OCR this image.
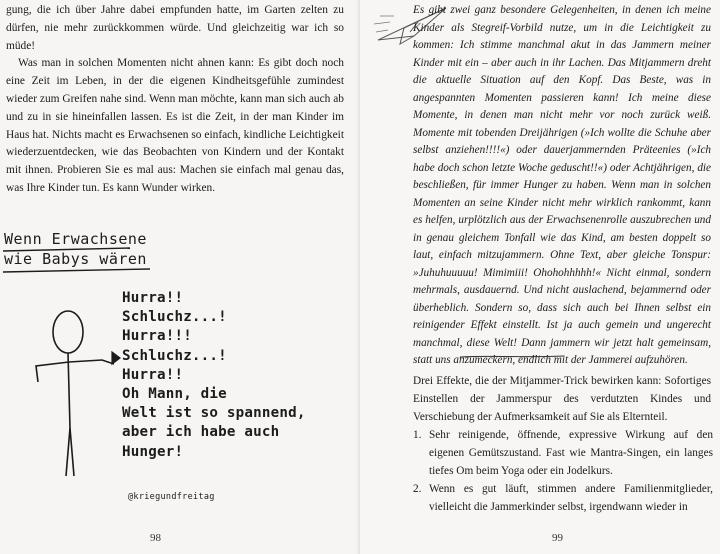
gung, die ich über Jahre dabei empfunden hatte, im Garten zelten zu dürfen, nie mehr zurückkommen würde. Und gleichzeitig war ich so müde!

Was man in solchen Momenten nicht ahnen kann: Es gibt doch noch eine Zeit im Leben, in der die eigenen Kindheitsgefühle zumindest wieder zum Greifen nahe sind. Wenn man möchte, kann man sich auch ab und zu in sie hineinfallen lassen. Es ist die Zeit, in der man Kinder im Haus hat. Nichts macht es Erwachsenen so einfach, kindliche Leichtigkeit wiederzuentdecken, wie das Beobachten von Kindern und der Kontakt mit ihnen. Probieren Sie es mal aus: Machen sie einfach mal genau das, was Ihre Kinder tun. Es kann Wunder wirken.

Wenn Erwachsene
wie Babys wären
Hurra!!
Schluchz...!
Hurra!!!
Schluchz...!
Hurra!!
Oh Mann, die
Welt ist so spannend,
aber ich habe auch
Hunger!
@kriegundfreitag
98
Es gibt zwei ganz besondere Gelegenheiten, in denen ich meine Kinder als Stegreif-Vorbild nutze, um in die Leichtigkeit zu kommen: Ich stimme manchmal akut in das Jammern meiner Kinder mit ein – aber auch in ihr Lachen. Das Mitjammern dreht die aktuelle Situation auf den Kopf. Das Beste, was in angespannten Momenten passieren kann! Ich meine diese Momente, in denen man nicht mehr vor noch zurück weiß. Momente mit tobenden Dreijährigen (»Ich wollte die Schuhe aber selbst anziehen!!!!«) oder dauerjammernden Präteenies (»Ich habe doch schon letzte Woche geduscht!!«) oder Achtjährigen, die beschließen, für immer Hunger zu haben. Wenn man in solchen Momenten an seine Kinder nicht mehr wirklich rankommt, kann es helfen, urplötzlich aus der Erwachsenenrolle auszubrechen und in genau gleichem Tonfall wie das Kind, am besten doppelt so laut, einfach mitzujammern. Ohne Text, aber gleiche Tonspur: »Juhuhuuuuu! Mimimiii! Ohohohhhhh!« Nicht einmal, sondern mehrmals, ausdauernd. Und nicht auslachend, bejammernd oder überheblich. Sondern so, dass sich auch bei Ihnen selbst ein reinigender Effekt einstellt. Ist ja auch gemein und ungerecht manchmal, diese Welt! Dann jammern wir jetzt halt gemeinsam, statt uns anzumeckern, endlich mit der Jammerei aufzuhören.
Drei Effekte, die der Mitjammer-Trick bewirken kann: Sofortiges Einstellen der Jammerspur des verdutzten Kindes und Verschiebung der Aufmerksamkeit auf Sie als Elternteil.
1. Sehr reinigende, öffnende, expressive Wirkung auf den eigenen Gemütszustand. Fast wie Mantra-Singen, ein langes tiefes Om beim Yoga oder ein Jodelkurs.
2. Wenn es gut läuft, stimmen andere Familienmitglieder, vielleicht die Jammerkinder selbst, irgendwann wieder in
99
